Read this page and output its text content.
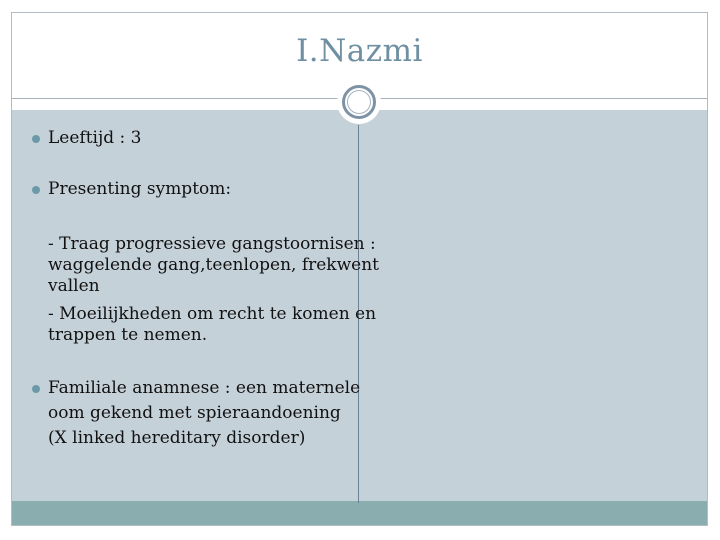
I.Nazmi
Leeftijd : 3
Presenting symptom:
- Traag progressieve gangstoornisen :
waggelende gang,teenlopen, frekwent
vallen
- Moeilijkheden om recht te komen en
trappen te nemen.
Familiale anamnese : een maternele
oom gekend met spieraandoening
(X linked hereditary disorder)
